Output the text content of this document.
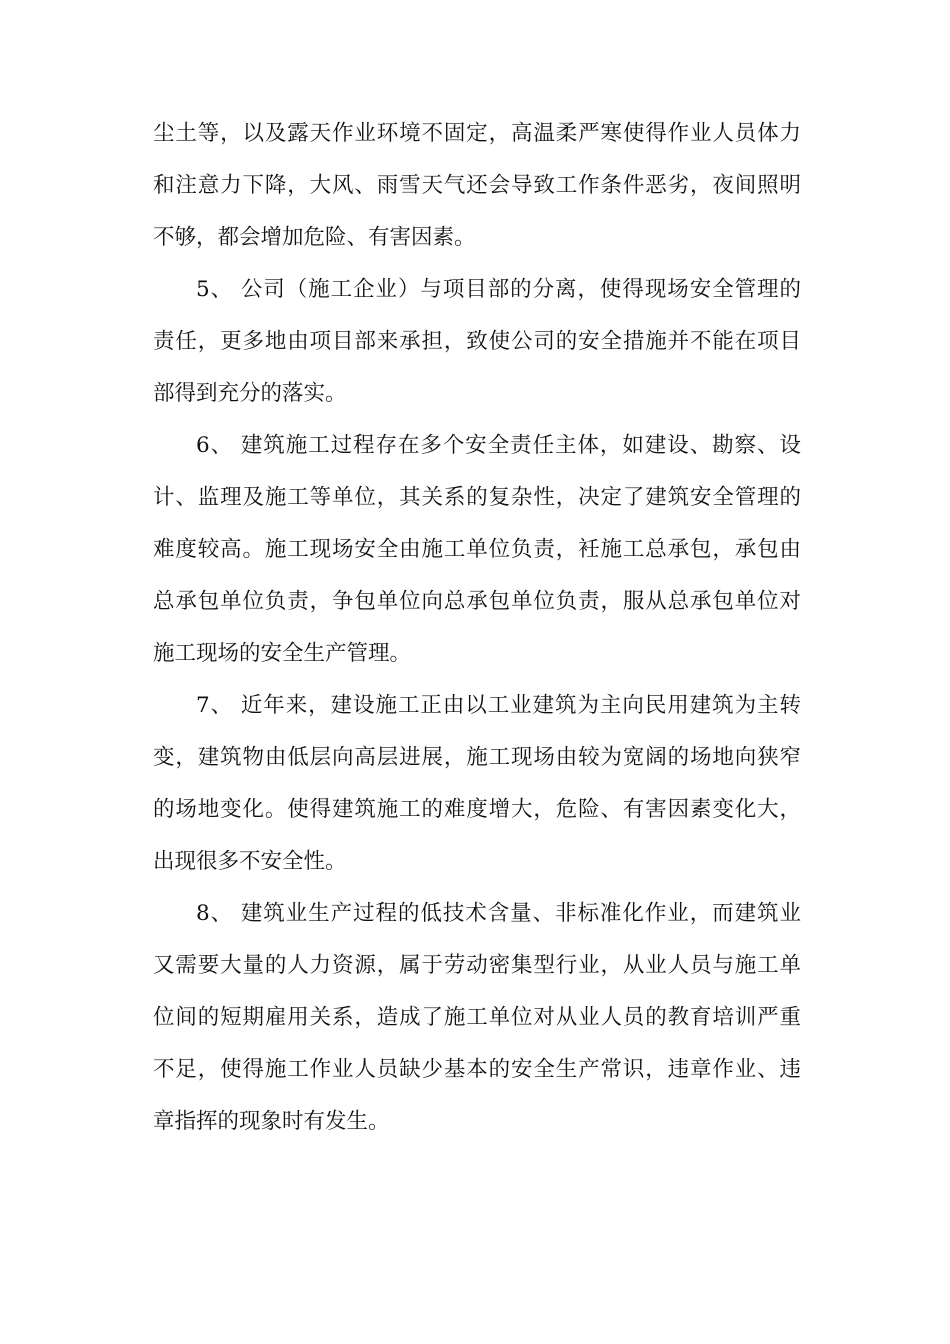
尘土等，以及露天作业环境不固定，高温柔严寒使得作业人员体力
和注意力下降，大风、雨雪天气还会导致工作条件恶劣，夜间照明
不够，都会增加危险、有害因素。
5、 公司（施工企业）与项目部的分离，使得现场安全管理的
责任，更多地由项目部来承担，致使公司的安全措施并不能在项目
部得到充分的落实。
6、 建筑施工过程存在多个安全责任主体，如建设、勘察、设
计、监理及施工等单位，其关系的复杂性，决定了建筑安全管理的
难度较高。施工现场安全由施工单位负责，衽施工总承包，承包由
总承包单位负责，争包单位向总承包单位负责，服从总承包单位对
施工现场的安全生产管理。
7、 近年来，建设施工正由以工业建筑为主向民用建筑为主转
变，建筑物由低层向高层进展，施工现场由较为宽阔的场地向狭窄
的场地变化。使得建筑施工的难度增大，危险、有害因素变化大，
出现很多不安全性。
8、 建筑业生产过程的低技术含量、非标准化作业，而建筑业
又需要大量的人力资源，属于劳动密集型行业，从业人员与施工单
位间的短期雇用关系，造成了施工单位对从业人员的教育培训严重
不足，使得施工作业人员缺少基本的安全生产常识，违章作业、违
章指挥的现象时有发生。
